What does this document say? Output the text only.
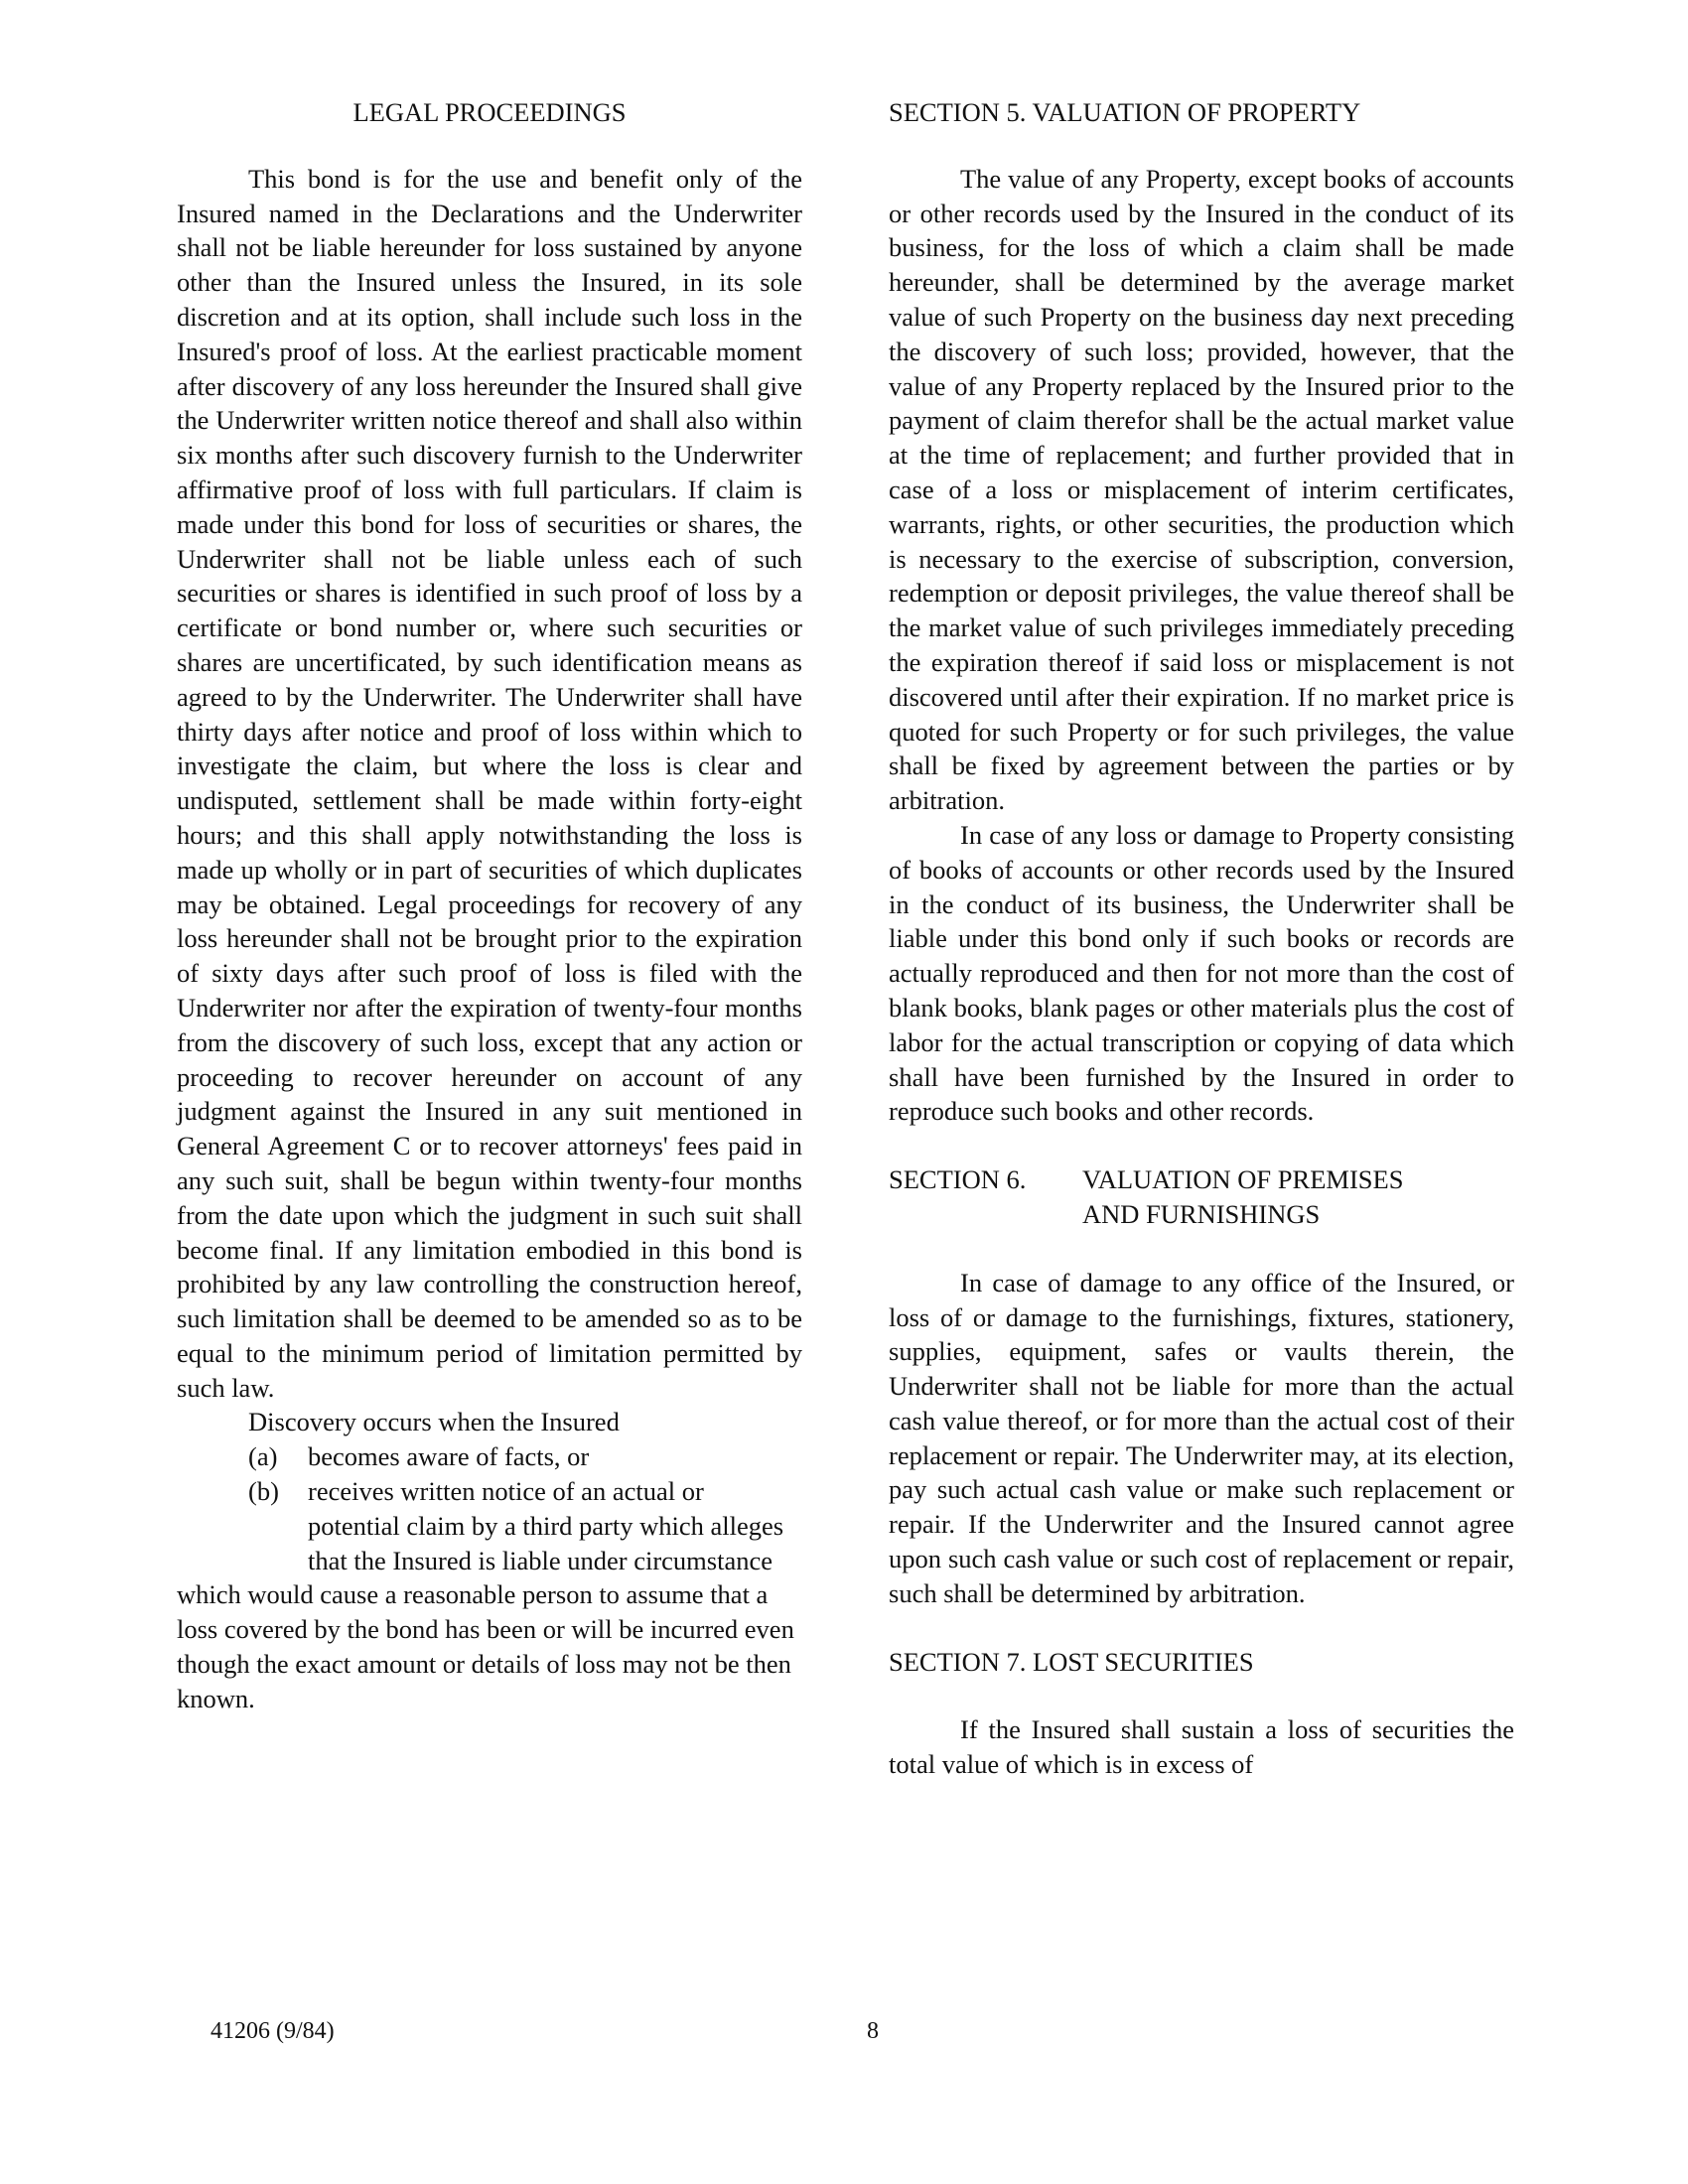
LEGAL PROCEEDINGS

This bond is for the use and benefit only of the Insured named in the Declarations and the Underwriter shall not be liable hereunder for loss sustained by anyone other than the Insured unless the Insured, in its sole discretion and at its option, shall include such loss in the Insured's proof of loss. At the earliest practicable moment after discovery of any loss hereunder the Insured shall give the Underwriter written notice thereof and shall also within six months after such discovery furnish to the Underwriter affirmative proof of loss with full particulars. If claim is made under this bond for loss of securities or shares, the Underwriter shall not be liable unless each of such securities or shares is identified in such proof of loss by a certificate or bond number or, where such securities or shares are uncertificated, by such identification means as agreed to by the Underwriter. The Underwriter shall have thirty days after notice and proof of loss within which to investigate the claim, but where the loss is clear and undisputed, settlement shall be made within forty-eight hours; and this shall apply notwithstanding the loss is made up wholly or in part of securities of which duplicates may be obtained. Legal proceedings for recovery of any loss hereunder shall not be brought prior to the expiration of sixty days after such proof of loss is filed with the Underwriter nor after the expiration of twenty-four months from the discovery of such loss, except that any action or proceeding to recover hereunder on account of any judgment against the Insured in any suit mentioned in General Agreement C or to recover attorneys' fees paid in any such suit, shall be begun within twenty-four months from the date upon which the judgment in such suit shall become final. If any limitation embodied in this bond is prohibited by any law controlling the construction hereof, such limitation shall be deemed to be amended so as to be equal to the minimum period of limitation permitted by such law.

Discovery occurs when the Insured

(a)	becomes aware of facts, or
(b)	receives written notice of an actual or potential claim by a third party which alleges that the Insured is liable under circumstance

which would cause a reasonable person to assume that a loss covered by the bond has been or will be incurred even though the exact amount or details of loss may not be then

known.

SECTION 5. VALUATION OF PROPERTY

The value of any Property, except books of accounts or other records used by the Insured in the conduct of its business, for the loss of which a claim shall be made hereunder, shall be determined by the average market value of such Property on the business day next preceding the discovery of such loss; provided, however, that the value of any Property replaced by the Insured prior to the payment of claim therefor shall be the actual market value at the time of replacement; and further provided that in case of a loss or misplacement of interim certificates, warrants, rights, or other securities, the production which is necessary to the exercise of subscription, conversion, redemption or deposit privileges, the value thereof shall be the market value of such privileges immediately preceding the expiration thereof if said loss or misplacement is not discovered until after their expiration. If no market price is quoted for such Property or for such privileges, the value shall be fixed by agreement between the parties or by arbitration.

In case of any loss or damage to Property consisting of books of accounts or other records used by the Insured in the conduct of its business, the Underwriter shall be liable under this bond only if such books or records are actually reproduced and then for not more than the cost of blank books, blank pages or other materials plus the cost of labor for the actual transcription or copying of data which shall have been furnished by the Insured in order to reproduce such books and other records.

SECTION 6.	VALUATION OF PREMISES
AND FURNISHINGS

In case of damage to any office of the Insured, or loss of or damage to the furnishings, fixtures, stationery, supplies, equipment, safes or vaults therein, the Underwriter shall not be liable for more than the actual cash value thereof, or for more than the actual cost of their replacement or repair. The Underwriter may, at its election, pay such actual cash value or make such replacement or repair. If the Underwriter and the Insured cannot agree upon such cash value or such cost of replacement or repair, such shall be determined by arbitration.

SECTION 7. LOST SECURITIES

If the Insured shall sustain a loss of securities the total value of which is in excess of

41206 (9/84)	8
